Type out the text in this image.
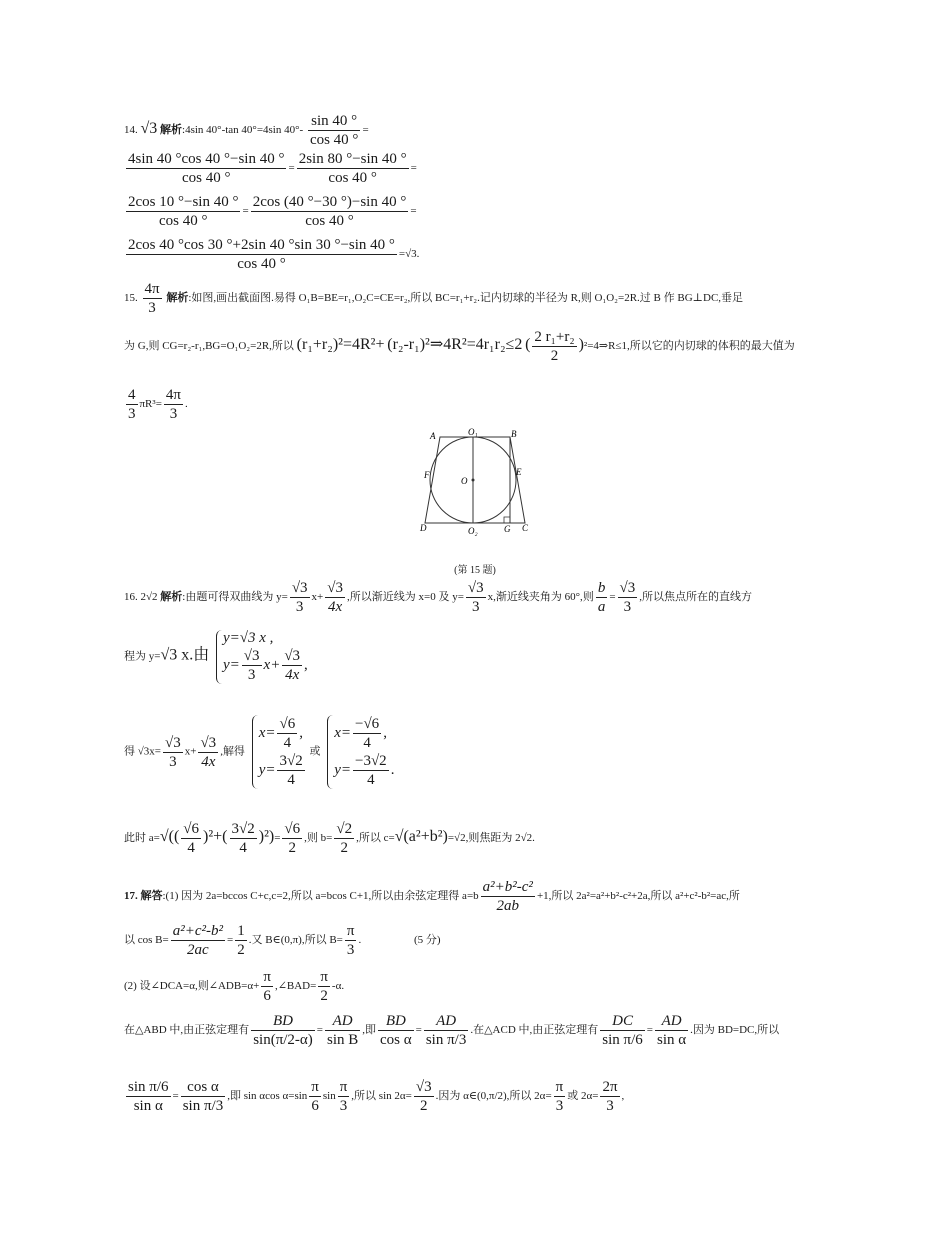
14. √3 解析:4sin 40°-tan 40°=4sin $40^\circ- \frac{\sin 40 ^\circ}{\cos 40 ^\circ}$ =
$\frac{4\sin 40 ^\circ\cos 40 ^\circ-\sin 40 ^\circ}{\cos 40 ^\circ} = \frac{2\sin 80 ^\circ-\sin 40 ^\circ}{\cos 40 ^\circ}$ =
$\frac{2\cos 10 ^\circ-\sin 40 ^\circ}{\cos 40 ^\circ} = \frac{2\cos (40 ^\circ-30 ^\circ)-\sin 40 ^\circ}{\cos 40 ^\circ}$ =
$\frac{2\cos 40 ^\circ\cos 30 ^\circ+2\sin 40 ^\circ\sin 30 ^\circ-\sin 40 ^\circ}{\cos 40 ^\circ} =√3$.
15. $\frac{4\pi}{3}$ 解析:如图,画出截面图.易得 O₁B=BE=r₁,O₂C=CE=r₂,所以 BC=r₁+r₂.记内切球的半径为 R,则 O₁O₂=2R.过 B 作 BG⊥DC,垂足
为 G,则 CG=r₂-r₁,BG=O₁O₂=2R,所以 (r₁+r₂)²=4R²+ (r₂-r₁)²⇒4R²=4r₁r₂≤2 ( $\frac{\text{2 r₁+r₂}}{2}$ )²=4⇒R≤1,所以它的内切球的体积的最大值为
$\frac{4}{3} \pi R^3= \frac{4\pi}{3}$ .
A	B
C
D
E
F
G
O
O₁
O₂
(第 15 题)
16. 2√2 解析:由题可得双曲线为 $y= \frac{√3}{3} x+ \frac{√3}{4x}$ ,所以渐近线为 x=0 及 $y= \frac{√3}{3} x$,渐近线夹角为 60°,则 $\frac{b}{a} = \frac{√3}{3}$ ,所以焦点所在的直线方
程为 y=√3 x.由
y=√3 x ,
$y= \frac{√3}{3} x+ \frac{√3}{4x}$ ,
得 $√3x= \frac{√3}{3} x+ \frac{√3}{4x}$ ,解得
$x= \frac{√6}{4}$ ,
$y= \frac{3√2}{4}$
或
$x= \frac{-√6}{4}$ ,
$y= \frac{-3√2}{4}$ .
此时 $a=√(( \frac{√6}{4} )^2+( \frac{3√2}{4} )^2)= \frac{√6}{2}$ ,则 $b= \frac{√2}{2}$ ,所以 c=√(a²+b²)=√2,则焦距为 2√2.
17. 解答:(1) 因为 2a=bccos C+c,c=2,所以 a=bcos C+1,所以由余弦定理得 $a=b \frac{\text{a²+b²-c²}}{2ab} +1$,所以 2a²=a²+b²-c²+2a,所以 a²+c²-b²=ac,所
以 $\cos B= \frac{\text{a²+c²-b²}}{2ac} = \frac{1}{2}$ .又 B∈(0,π),所以 $B= \frac{\pi}{3}$ .	(5 分)
(2) 设∠DCA=α,则∠ADB=α+ $\frac{\pi}{6}$ ,∠BAD= $\frac{\pi}{2} -\alpha$.
在△ABD 中,由正弦定理有 $\frac{BD}{\sin(\pi/2-\alpha)} = \frac{AD}{\text{sin B}}$ ,即 $\frac{BD}{\text{cos α}} = \frac{AD}{\text{sin π/3}}$ .在△ACD 中,由正弦定理有 $\frac{DC}{\text{sin π/6}} = \frac{AD}{\text{sin α}}$ .因为 BD=DC,所以
$\frac{\text{sin π/6}}{\text{sin α}} = \frac{\text{cos α}}{\text{sin π/3}}$ ,即 sin αcos $\alpha=\sin \frac{\pi}{6}$ $\sin \frac{\pi}{3}$ ,所以 $\sin 2\alpha= \frac{√3}{2}$ .因为 α∈(0,π/2),所以 $2\alpha= \frac{\pi}{3}$ 或 $2\alpha= \frac{2\pi}{3}$ ,
